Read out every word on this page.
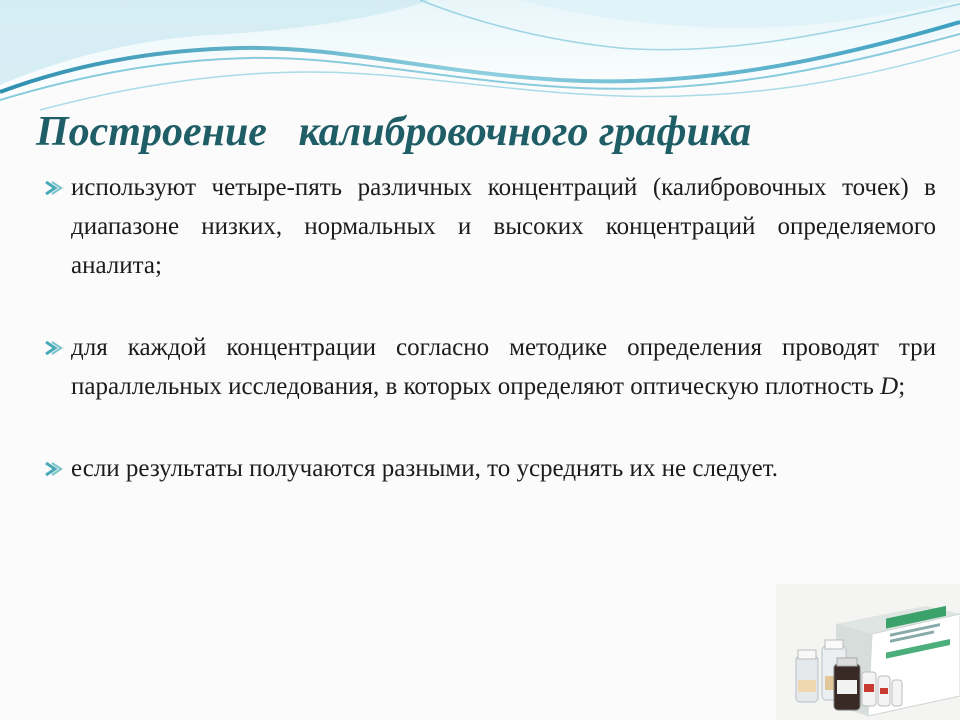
Построение   калибровочного графика
используют четыре-пять различных концентраций (калибровочных точек) в диапазоне низких, нормальных и высоких концентраций определяемого аналита;
для каждой концентрации согласно методике определения проводят три параллельных исследования, в которых определяют оптическую плотность D;
если результаты получаются разными, то усреднять их не следует.
